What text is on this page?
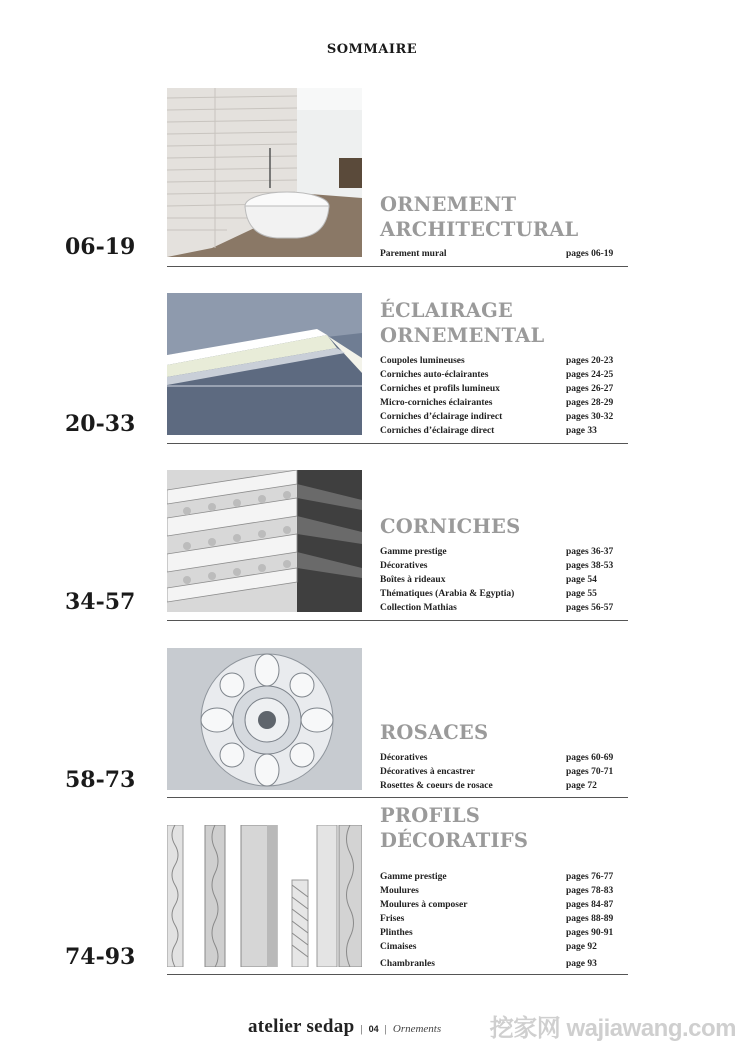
SOMMAIRE
ORNEMENT
ARCHITECTURAL
Parement mural	pages 06-19
06-19
ÉCLAIRAGE
ORNEMENTAL
Coupoles lumineuses	pages 20-23
Corniches auto-éclairantes	pages 24-25
Corniches et profils lumineux	pages 26-27
Micro-corniches éclairantes	pages 28-29
Corniches d’éclairage indirect	pages 30-32
Corniches d’éclairage direct	page 33
20-33
CORNICHES
Gamme prestige	pages 36-37
Décoratives	pages 38-53
Boîtes à rideaux	page 54
Thématiques (Arabia & Egyptia)	page 55
Collection Mathias	pages 56-57
34-57
ROSACES
Décoratives	pages 60-69
Décoratives à encastrer	pages 70-71
Rosettes & coeurs de rosace	page 72
58-73
PROFILS
DÉCORATIFS
Gamme prestige	pages 76-77
Moulures	pages 78-83
Moulures à composer	pages 84-87
Frises	pages 88-89
Plinthes	pages 90-91
Cimaises	page 92
Chambranles	page 93
74-93
atelier sedap | 04 | Ornements 挖家网 wajiawang.com
